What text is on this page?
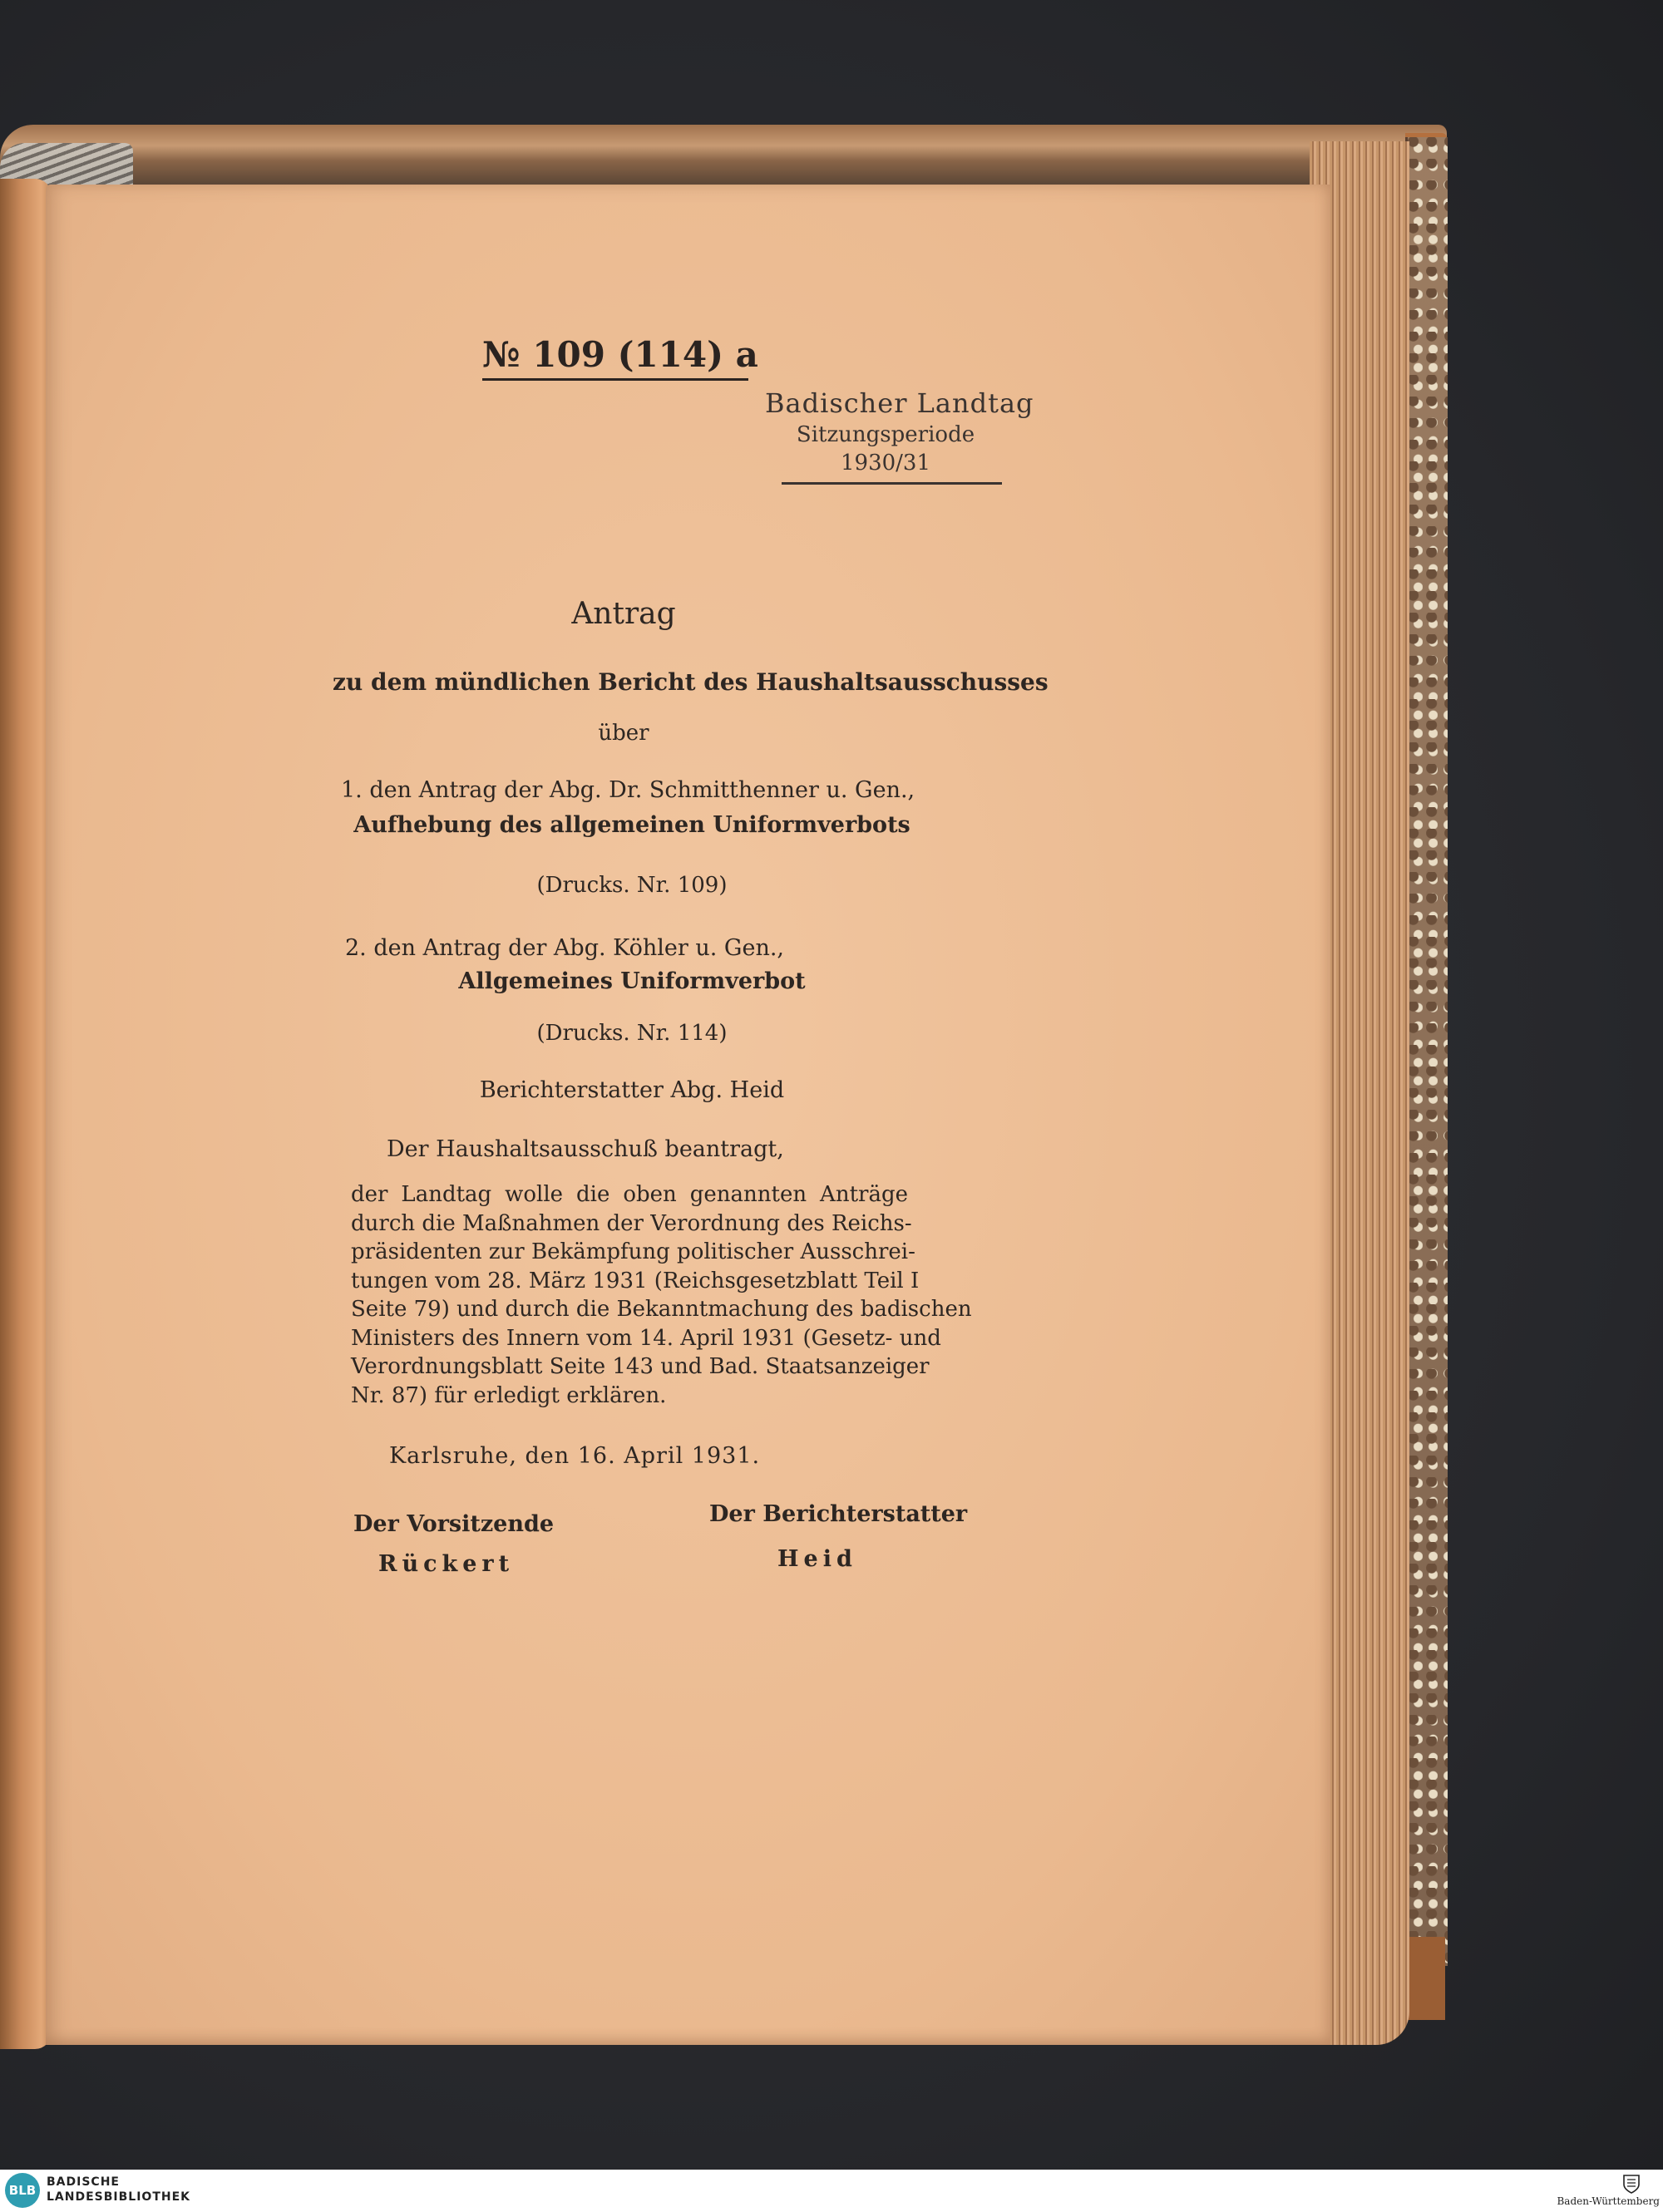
№ 109 (114) a
Badischer Landtag
Sitzungsperiode
1930/31
Antrag
zu dem mündlichen Bericht des Haushaltsausschusses
über
1. den Antrag der Abg. Dr. Schmitthenner u. Gen.,
Aufhebung des allgemeinen Uniformverbots
(Drucks. Nr. 109)
2. den Antrag der Abg. Köhler u. Gen.,
Allgemeines Uniformverbot
(Drucks. Nr. 114)
Berichterstatter Abg. Heid
Der Haushaltsausschuß beantragt,
der Landtag wolle die oben genannten Anträge
durch die Maßnahmen der Verordnung des Reichs-
präsidenten zur Bekämpfung politischer Ausschrei-
tungen vom 28. März 1931 (Reichsgesetzblatt Teil I
Seite 79) und durch die Bekanntmachung des badischen
Ministers des Innern vom 14. April 1931 (Gesetz- und
Verordnungsblatt Seite 143 und Bad. Staatsanzeiger
Nr. 87) für erledigt erklären.
Karlsruhe, den 16. April 1931.
Der Vorsitzende
Rückert
Der Berichterstatter
Heid
BLB
BADISCHE
LANDESBIBLIOTHEK	Baden-Württemberg
